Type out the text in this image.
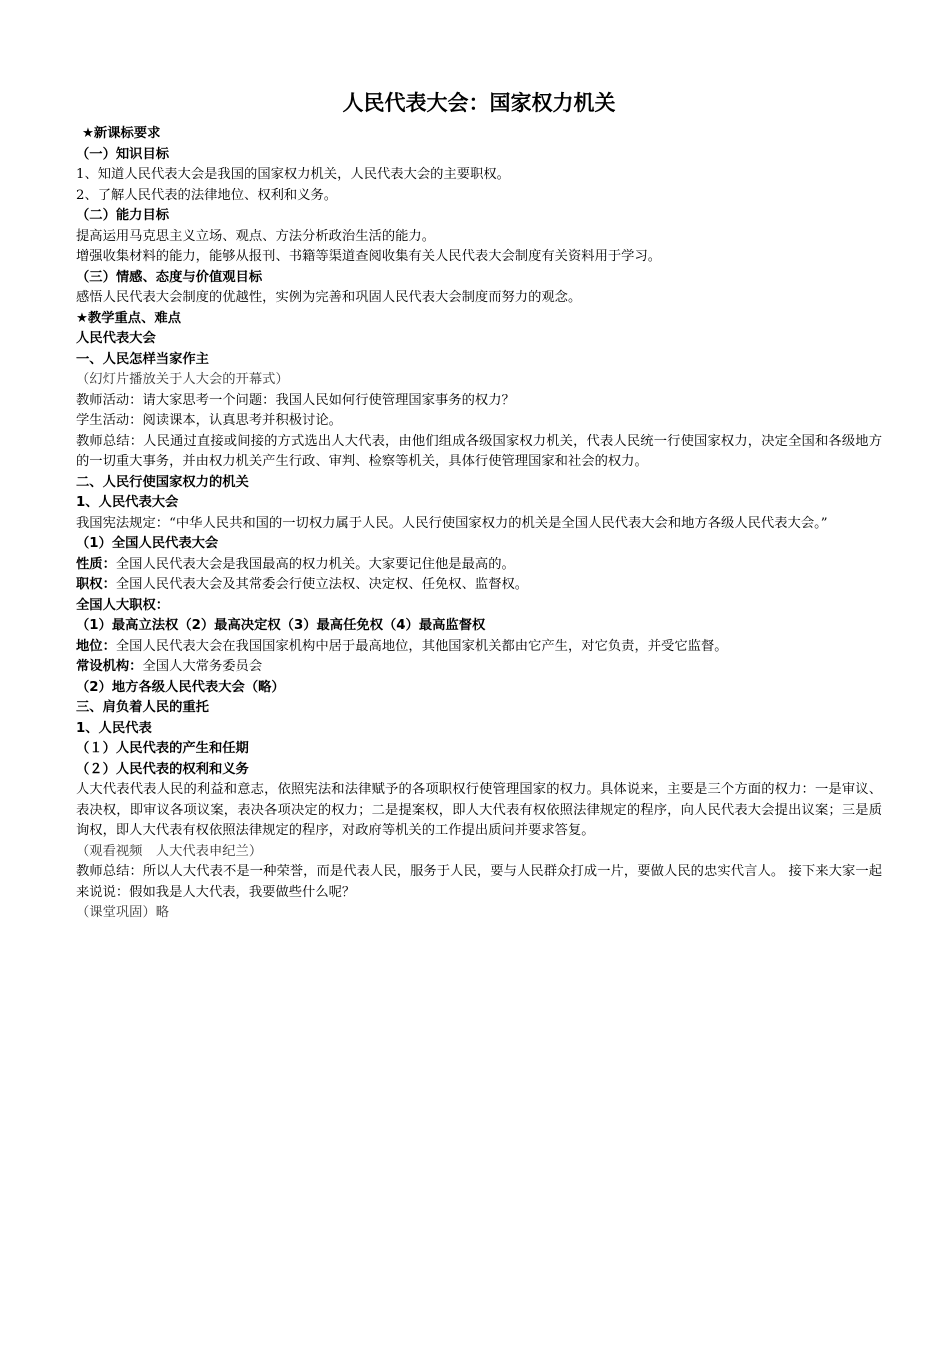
人民代表大会：国家权力机关

★新课标要求

（一）知识目标

1、知道人民代表大会是我国的国家权力机关，人民代表大会的主要职权。

2、了解人民代表的法律地位、权利和义务。

（二）能力目标

提高运用马克思主义立场、观点、方法分析政治生活的能力。

增强收集材料的能力，能够从报刊、书籍等渠道查阅收集有关人民代表大会制度有关资料用于学习。

（三）情感、态度与价值观目标

感悟人民代表大会制度的优越性，实例为完善和巩固人民代表大会制度而努力的观念。

★教学重点、难点

人民代表大会

一、人民怎样当家作主

（幻灯片播放关于人大会的开幕式）

教师活动：请大家思考一个问题：我国人民如何行使管理国家事务的权力？

学生活动：阅读课本，认真思考并积极讨论。

教师总结：人民通过直接或间接的方式选出人大代表，由他们组成各级国家权力机关，代表人民统一行使国家权力，决定全国和各级地方的一切重大事务，并由权力机关产生行政、审判、检察等机关，具体行使管理国家和社会的权力。

二、人民行使国家权力的机关

1、人民代表大会

我国宪法规定：“中华人民共和国的一切权力属于人民。人民行使国家权力的机关是全国人民代表大会和地方各级人民代表大会。”

（1）全国人民代表大会

性质：全国人民代表大会是我国最高的权力机关。大家要记住他是最高的。

职权：全国人民代表大会及其常委会行使立法权、决定权、任免权、监督权。

全国人大职权：

（1）最高立法权（2）最高决定权（3）最高任免权（4）最高监督权

地位：全国人民代表大会在我国国家机构中居于最高地位，其他国家机关都由它产生，对它负责，并受它监督。

常设机构：全国人大常务委员会

（2）地方各级人民代表大会（略）

三、肩负着人民的重托

1、人民代表

（１）人民代表的产生和任期

（２）人民代表的权利和义务

人大代表代表人民的利益和意志，依照宪法和法律赋予的各项职权行使管理国家的权力。具体说来，主要是三个方面的权力：一是审议、表决权，即审议各项议案，表决各项决定的权力；二是提案权，即人大代表有权依照法律规定的程序，向人民代表大会提出议案；三是质询权，即人大代表有权依照法律规定的程序，对政府等机关的工作提出质问并要求答复。

（观看视频　人大代表申纪兰）

教师总结：所以人大代表不是一种荣誉，而是代表人民，服务于人民，要与人民群众打成一片，要做人民的忠实代言人。 接下来大家一起来说说：假如我是人大代表，我要做些什么呢？

（课堂巩固）略
